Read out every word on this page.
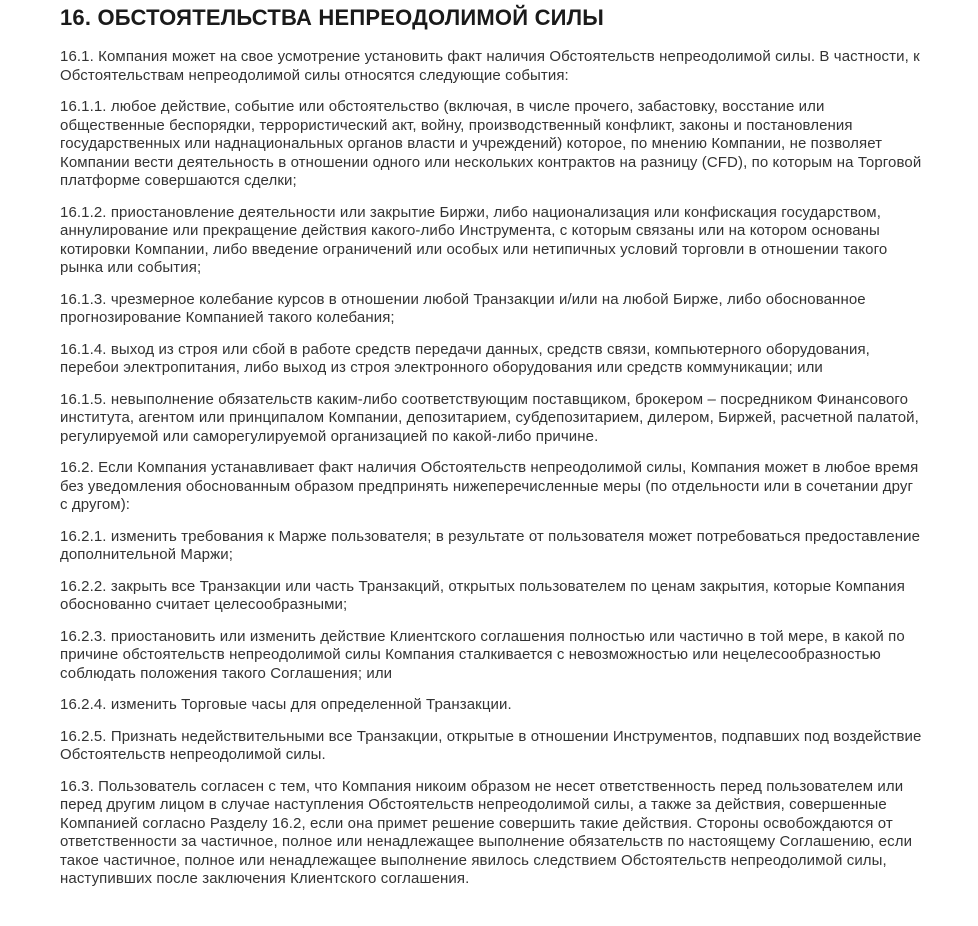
16. ОБСТОЯТЕЛЬСТВА НЕПРЕОДОЛИМОЙ СИЛЫ

16.1. Компания может на свое усмотрение установить факт наличия Обстоятельств непреодолимой силы. В частности, к Обстоятельствам непреодолимой силы относятся следующие события:

16.1.1. любое действие, событие или обстоятельство (включая, в числе прочего, забастовку, восстание или общественные беспорядки, террористический акт, войну, производственный конфликт, законы и постановления государственных или наднациональных органов власти и учреждений) которое, по мнению Компании, не позволяет Компании вести деятельность в отношении одного или нескольких контрактов на разницу (CFD), по которым на Торговой платформе совершаются сделки;

16.1.2. приостановление деятельности или закрытие Биржи, либо национализация или конфискация государством, аннулирование или прекращение действия какого-либо Инструмента, с которым связаны или на котором основаны котировки Компании, либо введение ограничений или особых или нетипичных условий торговли в отношении такого рынка или события;

16.1.3. чрезмерное колебание курсов в отношении любой Транзакции и/или на любой Бирже, либо обоснованное прогнозирование Компанией такого колебания;

16.1.4. выход из строя или сбой в работе средств передачи данных, средств связи, компьютерного оборудования, перебои электропитания, либо выход из строя электронного оборудования или средств коммуникации; или

16.1.5. невыполнение обязательств каким-либо соответствующим поставщиком, брокером – посредником Финансового института, агентом или принципалом Компании, депозитарием, субдепозитарием, дилером, Биржей, расчетной палатой, регулируемой или саморегулируемой организацией по какой-либо причине.

16.2. Если Компания устанавливает факт наличия Обстоятельств непреодолимой силы, Компания может в любое время без уведомления обоснованным образом предпринять нижеперечисленные меры (по отдельности или в сочетании друг с другом):

16.2.1. изменить требования к Марже пользователя; в результате от пользователя может потребоваться предоставление дополнительной Маржи;

16.2.2. закрыть все Транзакции или часть Транзакций, открытых пользователем по ценам закрытия, которые Компания обоснованно считает целесообразными;

16.2.3. приостановить или изменить действие Клиентского соглашения полностью или частично в той мере, в какой по причине обстоятельств непреодолимой силы Компания сталкивается с невозможностью или нецелесообразностью соблюдать положения такого Соглашения; или

16.2.4. изменить Торговые часы для определенной Транзакции.

16.2.5. Признать недействительными все Транзакции, открытые в отношении Инструментов, подпавших под воздействие Обстоятельств непреодолимой силы.

16.3. Пользователь согласен с тем, что Компания никоим образом не несет ответственность перед пользователем или перед другим лицом в случае наступления Обстоятельств непреодолимой силы, а также за действия, совершенные Компанией согласно Разделу 16.2, если она примет решение совершить такие действия. Стороны освобождаются от ответственности за частичное, полное или ненадлежащее выполнение обязательств по настоящему Соглашению, если такое частичное, полное или ненадлежащее выполнение явилось следствием Обстоятельств непреодолимой силы, наступивших после заключения Клиентского соглашения.
